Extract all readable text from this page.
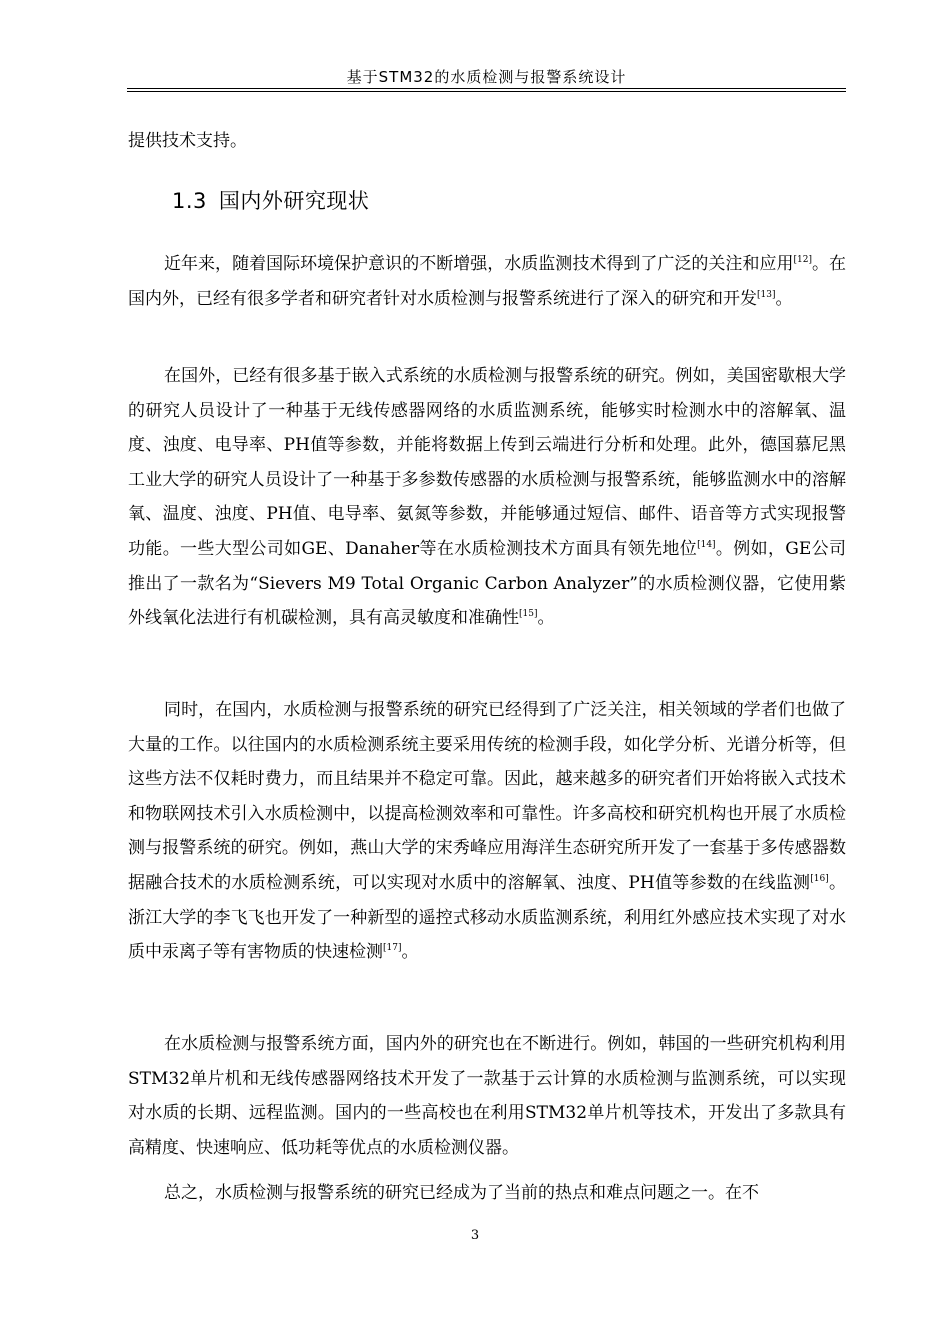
基于STM32的水质检测与报警系统设计
提供技术支持。
1.3 国内外研究现状
近年来，随着国际环境保护意识的不断增强，水质监测技术得到了广泛的关注和应用[12]。在国内外，已经有很多学者和研究者针对水质检测与报警系统进行了深入的研究和开发[13]。
在国外，已经有很多基于嵌入式系统的水质检测与报警系统的研究。例如，美国密歇根大学的研究人员设计了一种基于无线传感器网络的水质监测系统，能够实时检测水中的溶解氧、温度、浊度、电导率、PH值等参数，并能将数据上传到云端进行分析和处理。此外，德国慕尼黑工业大学的研究人员设计了一种基于多参数传感器的水质检测与报警系统，能够监测水中的溶解氧、温度、浊度、PH值、电导率、氨氮等参数，并能够通过短信、邮件、语音等方式实现报警功能。一些大型公司如GE、Danaher等在水质检测技术方面具有领先地位[14]。例如，GE公司推出了一款名为“Sievers M9 Total Organic Carbon Analyzer”的水质检测仪器，它使用紫外线氧化法进行有机碳检测，具有高灵敏度和准确性[15]。
同时，在国内，水质检测与报警系统的研究已经得到了广泛关注，相关领域的学者们也做了大量的工作。以往国内的水质检测系统主要采用传统的检测手段，如化学分析、光谱分析等，但这些方法不仅耗时费力，而且结果并不稳定可靠。因此，越来越多的研究者们开始将嵌入式技术和物联网技术引入水质检测中，以提高检测效率和可靠性。许多高校和研究机构也开展了水质检测与报警系统的研究。例如，燕山大学的宋秀峰应用海洋生态研究所开发了一套基于多传感器数据融合技术的水质检测系统，可以实现对水质中的溶解氧、浊度、PH值等参数的在线监测[16]。浙江大学的李飞飞也开发了一种新型的遥控式移动水质监测系统，利用红外感应技术实现了对水质中汞离子等有害物质的快速检测[17]。
在水质检测与报警系统方面，国内外的研究也在不断进行。例如，韩国的一些研究机构利用STM32单片机和无线传感器网络技术开发了一款基于云计算的水质检测与监测系统，可以实现对水质的长期、远程监测。国内的一些高校也在利用STM32单片机等技术，开发出了多款具有高精度、快速响应、低功耗等优点的水质检测仪器。
总之，水质检测与报警系统的研究已经成为了当前的热点和难点问题之一。在不
3
